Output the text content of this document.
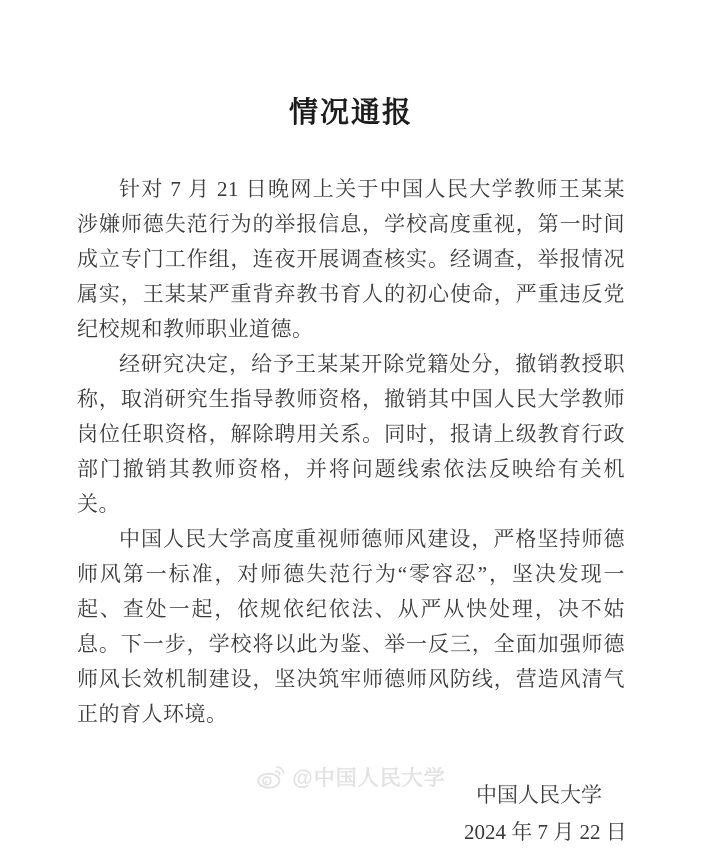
情况通报

针对 7 月 21 日晚网上关于中国人民大学教师王某某涉嫌师德失范行为的举报信息，学校高度重视，第一时间成立专门工作组，连夜开展调查核实。经调查，举报情况属实，王某某严重背弃教书育人的初心使命，严重违反党纪校规和教师职业道德。

经研究决定，给予王某某开除党籍处分，撤销教授职称，取消研究生指导教师资格，撤销其中国人民大学教师岗位任职资格，解除聘用关系。同时，报请上级教育行政部门撤销其教师资格，并将问题线索依法反映给有关机关。

中国人民大学高度重视师德师风建设，严格坚持师德师风第一标准，对师德失范行为“零容忍”，坚决发现一起、查处一起，依规依纪依法、从严从快处理，决不姑息。下一步，学校将以此为鉴、举一反三，全面加强师德师风长效机制建设，坚决筑牢师德师风防线，营造风清气正的育人环境。

中国人民大学
2024 年 7 月 22 日
@中国人民大学
